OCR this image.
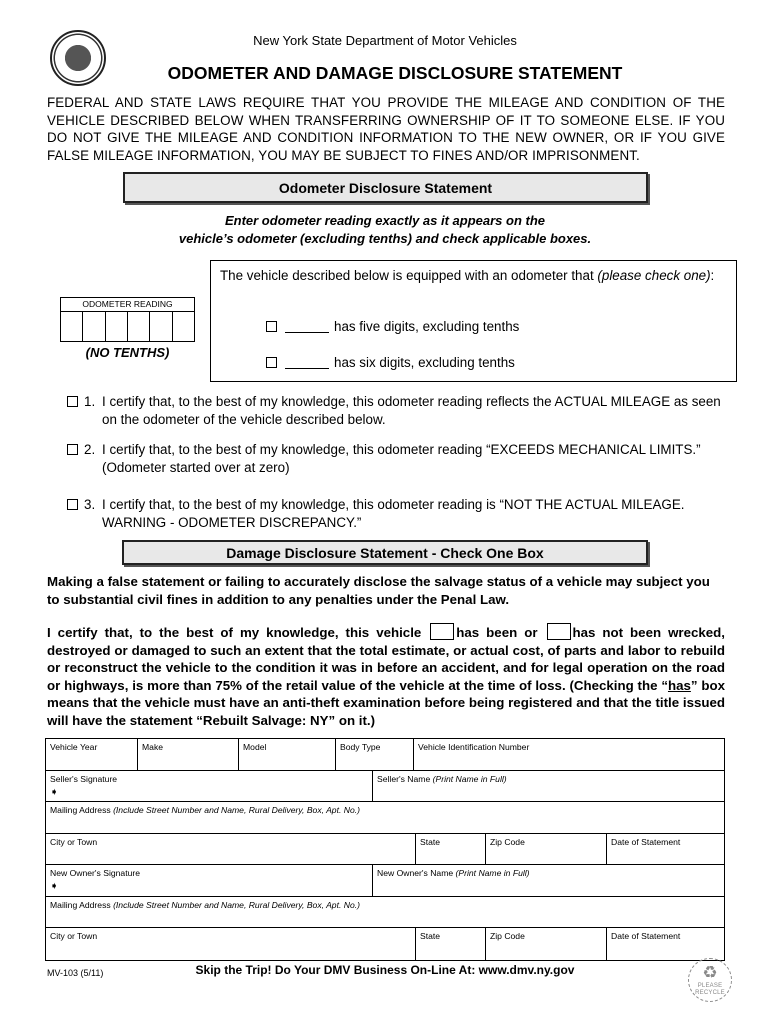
New York State Department of Motor Vehicles
ODOMETER AND DAMAGE DISCLOSURE STATEMENT
FEDERAL AND STATE LAWS REQUIRE THAT YOU PROVIDE THE MILEAGE AND CONDITION OF THE VEHICLE DESCRIBED BELOW WHEN TRANSFERRING OWNERSHIP OF IT TO SOMEONE ELSE. IF YOU DO NOT GIVE THE MILEAGE AND CONDITION INFORMATION TO THE NEW OWNER, OR IF YOU GIVE FALSE MILEAGE INFORMATION, YOU MAY BE SUBJECT TO FINES AND/OR IMPRISONMENT.
Odometer Disclosure Statement
Enter odometer reading exactly as it appears on the
vehicle’s odometer (excluding tenths) and check applicable boxes.
ODOMETER READING
(NO TENTHS)
The vehicle described below is equipped with an odometer that (please check one):
has five digits, excluding tenths
has six digits, excluding tenths
1. I certify that, to the best of my knowledge, this odometer reading reflects the ACTUAL MILEAGE as seen on the odometer of the vehicle described below.
2. I certify that, to the best of my knowledge, this odometer reading “EXCEEDS MECHANICAL LIMITS.” (Odometer started over at zero)
3. I certify that, to the best of my knowledge, this odometer reading is “NOT THE ACTUAL MILEAGE. WARNING - ODOMETER DISCREPANCY.”
Damage Disclosure Statement - Check One Box
Making a false statement or failing to accurately disclose the salvage status of a vehicle may subject you to substantial civil fines in addition to any penalties under the Penal Law.
I certify that, to the best of my knowledge, this vehicle	has been or	has not been wrecked, destroyed or damaged to such an extent that the total estimate, or actual cost, of parts and labor to rebuild or reconstruct the vehicle to the condition it was in before an accident, and for legal operation on the road or highways, is more than 75% of the retail value of the vehicle at the time of loss. (Checking the “has” box means that the vehicle must have an anti-theft examination before being registered and that the title issued will have the statement “Rebuilt Salvage: NY” on it.)
Vehicle Year	Make	Model	Body Type	Vehicle Identification Number
Seller's Signature
➧
Seller's Name (Print Name in Full)
Mailing Address (Include Street Number and Name, Rural Delivery, Box, Apt. No.)
City or Town	State	Zip Code	Date of Statement
New Owner's Signature
➧
New Owner's Name (Print Name in Full)
Mailing Address (Include Street Number and Name, Rural Delivery, Box, Apt. No.)
City or Town	State	Zip Code	Date of Statement
MV-103 (5/11)	Skip the Trip! Do Your DMV Business On-Line At: www.dmv.ny.gov	♻
PLEASE RECYCLE
